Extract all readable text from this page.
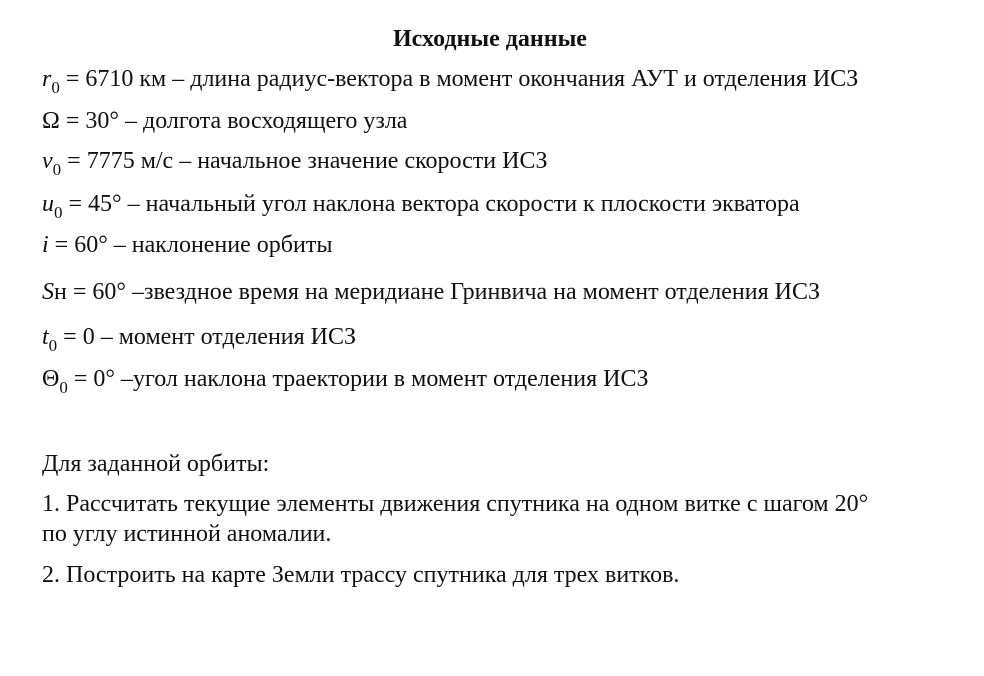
Исходные данные
$r_0 = 6710$ км – длина радиус-вектора в момент окончания АУТ и отделения ИСЗ
Ω = 30° – долгота восходящего узла
$v_0 = 7775$ м/с – начальное значение скорости ИСЗ
$u_0 = 45^\circ$ – начальный угол наклона вектора скорости к плоскости экватора
i = 60° – наклонение орбиты
Sн = 60° –звездное время на меридиане Гринвича на момент отделения ИСЗ
$t_0 = 0$ – момент отделения ИСЗ
$\Theta_0 = 0^\circ$ –угол наклона траектории в момент отделения ИСЗ
Для заданной орбиты:
1. Рассчитать текущие элементы движения спутника на одном витке с шагом 20°
по углу истинной аномалии.
2. Построить на карте Земли трассу спутника для трех витков.
